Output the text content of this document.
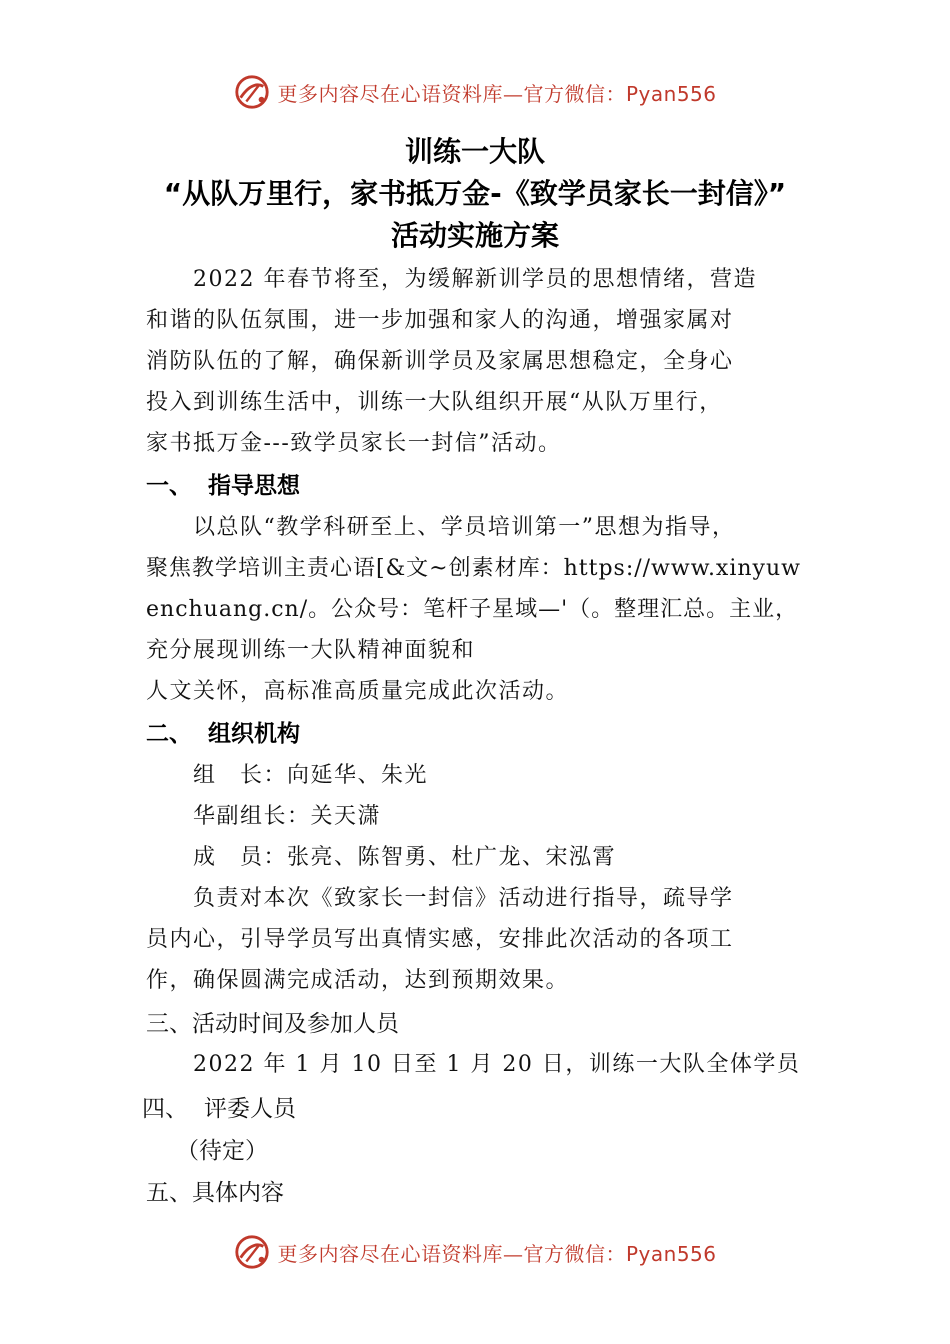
更多内容尽在心语资料库—官方微信：Pyan556
训练一大队
“从队万里行，家书抵万金-《致学员家长一封信》”
活动实施方案
　　2022 年春节将至，为缓解新训学员的思想情绪，营造
和谐的队伍氛围，进一步加强和家人的沟通，增强家属对
消防队伍的了解，确保新训学员及家属思想稳定，全身心
投入到训练生活中，训练一大队组织开展“从队万里行，
家书抵万金---致学员家长一封信”活动。
一、 指导思想
　　以总队“教学科研至上、学员培训第一”思想为指导，
聚焦教学培训主责心语[&文~创素材库：https://www.xinyuw
enchuang.cn/。公众号：笔杆子星域—'（。整理汇总。主业，
充分展现训练一大队精神面貌和
人文关怀，高标准高质量完成此次活动。
二、 组织机构
　　组　长：向延华、朱光
　　华副组长：关天潇
　　成　员：张亮、陈智勇、杜广龙、宋泓霄
　　负责对本次《致家长一封信》活动进行指导，疏导学
员内心，引导学员写出真情实感，安排此次活动的各项工
作，确保圆满完成活动，达到预期效果。
三、活动时间及参加人员
　　2022 年 1 月 10 日至 1 月 20 日，训练一大队全体学员
四、 评委人员
（待定）
五、具体内容
更多内容尽在心语资料库—官方微信：Pyan556
